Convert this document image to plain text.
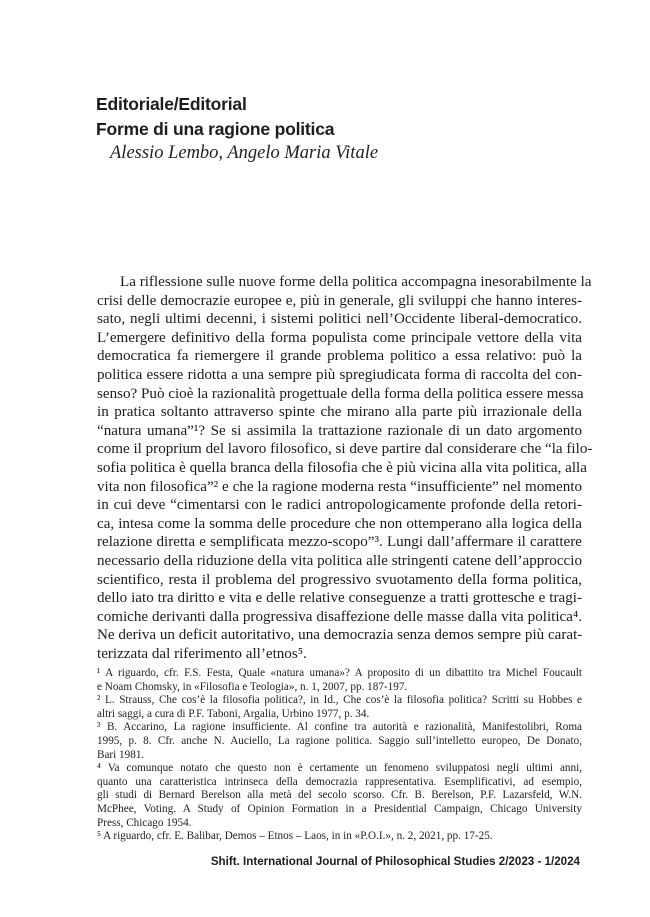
Editoriale/Editorial
Forme di una ragione politica
Alessio Lembo, Angelo Maria Vitale
La riflessione sulle nuove forme della politica accompagna inesorabilmente la
crisi delle democrazie europee e, più in generale, gli sviluppi che hanno interes-
sato, negli ultimi decenni, i sistemi politici nell’Occidente liberal-democratico.
L’emergere definitivo della forma populista come principale vettore della vita
democratica fa riemergere il grande problema politico a essa relativo: può la
politica essere ridotta a una sempre più spregiudicata forma di raccolta del con-
senso? Può cioè la razionalità progettuale della forma della politica essere messa
in pratica soltanto attraverso spinte che mirano alla parte più irrazionale della
“natura umana”¹? Se si assimila la trattazione razionale di un dato argomento
come il proprium del lavoro filosofico, si deve partire dal considerare che “la filo-
sofia politica è quella branca della filosofia che è più vicina alla vita politica, alla
vita non filosofica”² e che la ragione moderna resta “insufficiente” nel momento
in cui deve “cimentarsi con le radici antropologicamente profonde della retori-
ca, intesa come la somma delle procedure che non ottemperano alla logica della
relazione diretta e semplificata mezzo-scopo”³. Lungi dall’affermare il carattere
necessario della riduzione della vita politica alle stringenti catene dell’approccio
scientifico, resta il problema del progressivo svuotamento della forma politica,
dello iato tra diritto e vita e delle relative conseguenze a tratti grottesche e tragi-
comiche derivanti dalla progressiva disaffezione delle masse dalla vita politica⁴.
Ne deriva un deficit autoritativo, una democrazia senza demos sempre più carat-
terizzata dal riferimento all’etnos⁵.
¹ A riguardo, cfr. F.S. Festa, Quale «natura umana»? A proposito di un dibattito tra Michel Foucault
e Noam Chomsky, in «Filosofia e Teologia», n. 1, 2007, pp. 187-197.
² L. Strauss, Che cos’è la filosofia politica?, in Id., Che cos’è la filosofia politica? Scritti su Hobbes e
altri saggi, a cura di P.F. Taboni, Argalia, Urbino 1977, p. 34.
³ B. Accarino, La ragione insufficiente. Al confine tra autorità e razionalità, Manifestolibri, Roma
1995, p. 8. Cfr. anche N. Auciello, La ragione politica. Saggio sull’intelletto europeo, De Donato,
Bari 1981.
⁴ Va comunque notato che questo non è certamente un fenomeno sviluppatosi negli ultimi anni,
quanto una caratteristica intrinseca della democrazia rappresentativa. Esemplificativi, ad esempio,
gli studi di Bernard Berelson alla metà del secolo scorso. Cfr. B. Berelson, P.F. Lazarsfeld, W.N.
McPhee, Voting. A Study of Opinion Formation in a Presidential Campaign, Chicago University
Press, Chicago 1954.
⁵ A riguardo, cfr. E. Balibar, Demos – Etnos – Laos, in in «P.O.I.», n. 2, 2021, pp. 17-25.
Shift. International Journal of Philosophical Studies 2/2023 - 1/2024
